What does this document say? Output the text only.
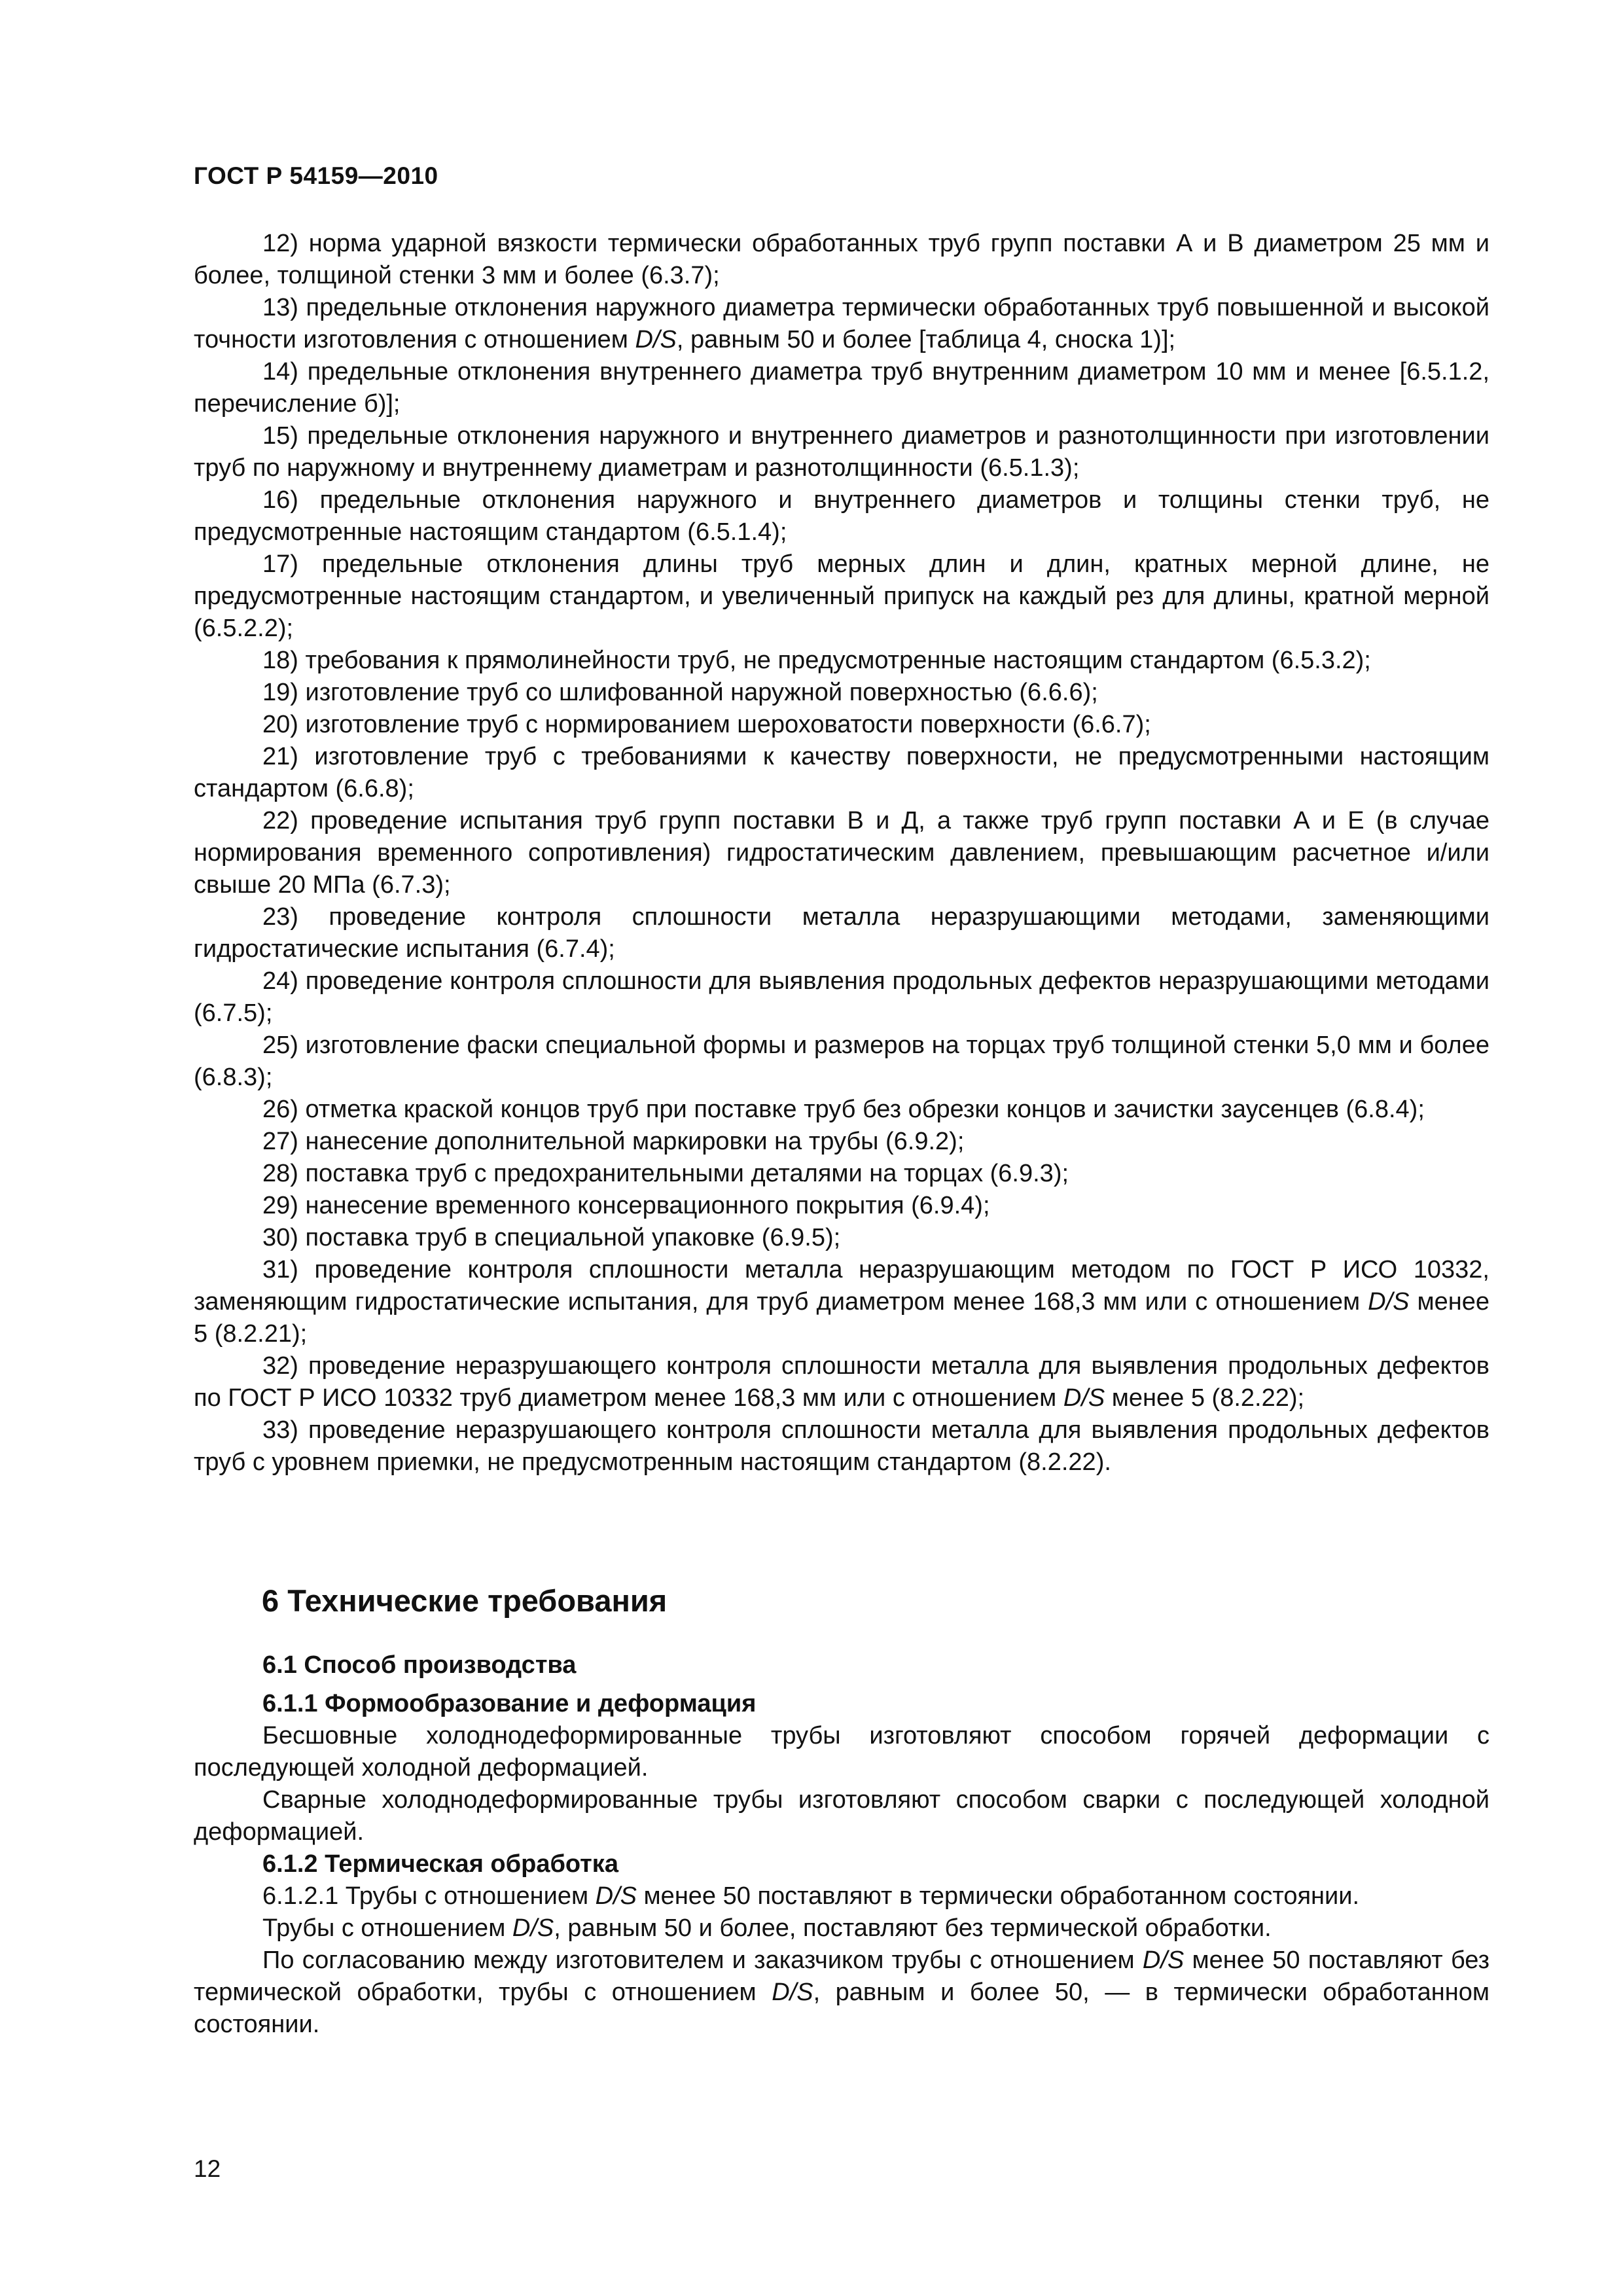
ГОСТ Р 54159—2010

12) норма ударной вязкости термически обработанных труб групп поставки А и В диаметром 25 мм и более, толщиной стенки 3 мм и более (6.3.7);

13) предельные отклонения наружного диаметра термически обработанных труб повышенной и высокой точности изготовления с отношением D/S, равным 50 и более [таблица 4, сноска 1)];

14) предельные отклонения внутреннего диаметра труб внутренним диаметром 10 мм и менее [6.5.1.2, перечисление б)];

15) предельные отклонения наружного и внутреннего диаметров и разнотолщинности при изготовлении труб по наружному и внутреннему диаметрам и разнотолщинности (6.5.1.3);

16) предельные отклонения наружного и внутреннего диаметров и толщины стенки труб, не предусмотренные настоящим стандартом (6.5.1.4);

17) предельные отклонения длины труб мерных длин и длин, кратных мерной длине, не предусмотренные настоящим стандартом, и увеличенный припуск на каждый рез для длины, кратной мерной (6.5.2.2);

18) требования к прямолинейности труб, не предусмотренные настоящим стандартом (6.5.3.2);

19) изготовление труб со шлифованной наружной поверхностью (6.6.6);

20) изготовление труб с нормированием шероховатости поверхности (6.6.7);

21) изготовление труб с требованиями к качеству поверхности, не предусмотренными настоящим стандартом (6.6.8);

22) проведение испытания труб групп поставки В и Д, а также труб групп поставки А и Е (в случае нормирования временного сопротивления) гидростатическим давлением, превышающим расчетное и/или свыше 20 МПа (6.7.3);

23) проведение контроля сплошности металла неразрушающими методами, заменяющими гидростатические испытания (6.7.4);

24) проведение контроля сплошности для выявления продольных дефектов неразрушающими методами (6.7.5);

25) изготовление фаски специальной формы и размеров на торцах труб толщиной стенки 5,0 мм и более (6.8.3);

26) отметка краской концов труб при поставке труб без обрезки концов и зачистки заусенцев (6.8.4);

27) нанесение дополнительной маркировки на трубы (6.9.2);

28) поставка труб с предохранительными деталями на торцах (6.9.3);

29) нанесение временного консервационного покрытия (6.9.4);

30) поставка труб в специальной упаковке (6.9.5);

31) проведение контроля сплошности металла неразрушающим методом по ГОСТ Р ИСО 10332, заменяющим гидростатические испытания, для труб диаметром менее 168,3 мм или с отношением D/S менее 5 (8.2.21);

32) проведение неразрушающего контроля сплошности металла для выявления продольных дефектов по ГОСТ Р ИСО 10332 труб диаметром менее 168,3 мм или с отношением D/S менее 5 (8.2.22);

33) проведение неразрушающего контроля сплошности металла для выявления продольных дефектов труб с уровнем приемки, не предусмотренным настоящим стандартом (8.2.22).

6 Технические требования
6.1 Способ производства
6.1.1 Формообразование и деформация

Бесшовные холоднодеформированные трубы изготовляют способом горячей деформации с последующей холодной деформацией.

Сварные холоднодеформированные трубы изготовляют способом сварки с последующей холодной деформацией.

6.1.2 Термическая обработка

6.1.2.1 Трубы с отношением D/S менее 50 поставляют в термически обработанном состоянии.

Трубы с отношением D/S, равным 50 и более, поставляют без термической обработки.

По согласованию между изготовителем и заказчиком трубы с отношением D/S менее 50 поставляют без термической обработки, трубы с отношением D/S, равным и более 50, — в термически обработанном состоянии.

12
